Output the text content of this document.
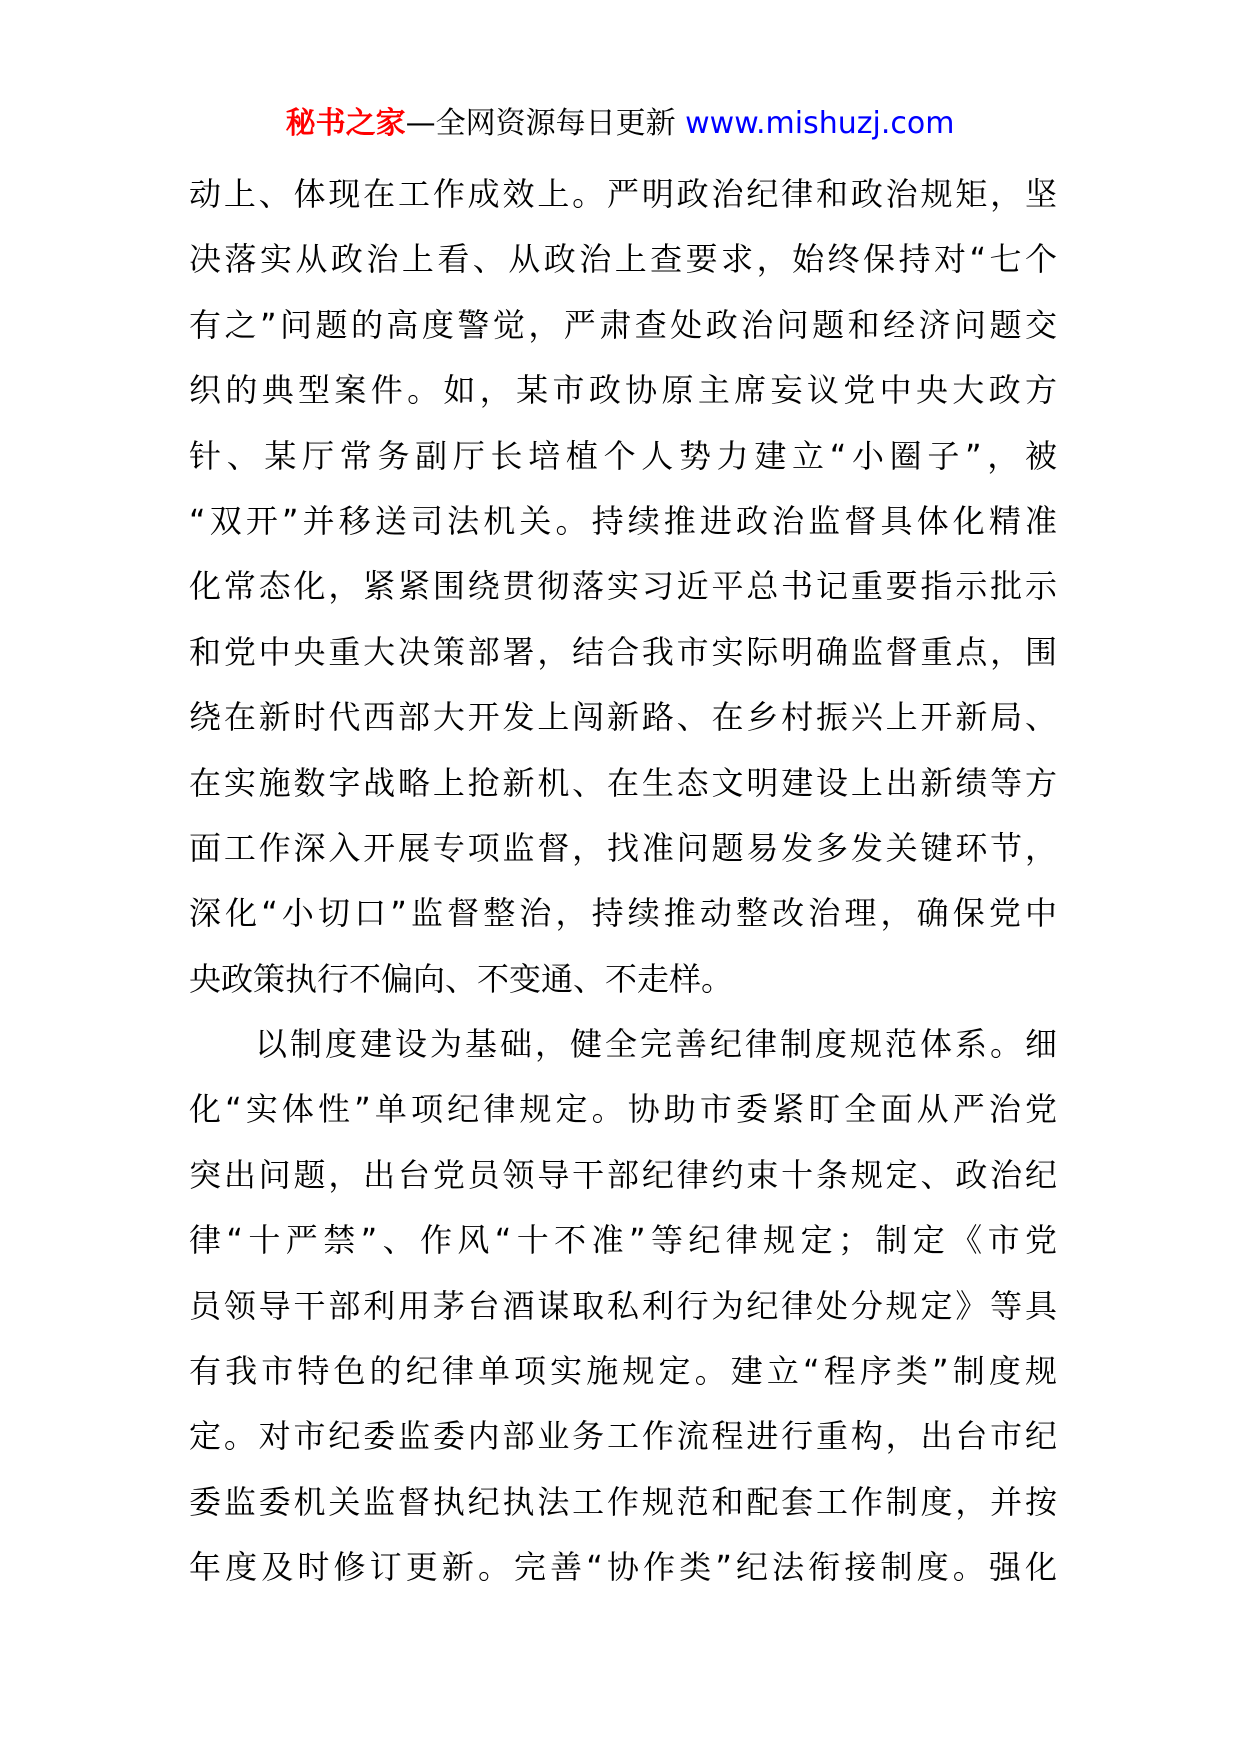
秘书之家—全网资源每日更新 www.mishuzj.com
动上、体现在工作成效上。严明政治纪律和政治规矩，坚
决落实从政治上看、从政治上查要求，始终保持对“七个
有之”问题的高度警觉，严肃查处政治问题和经济问题交
织的典型案件。如，某市政协原主席妄议党中央大政方
针、某厅常务副厅长培植个人势力建立“小圈子”，被
“双开”并移送司法机关。持续推进政治监督具体化精准
化常态化，紧紧围绕贯彻落实习近平总书记重要指示批示
和党中央重大决策部署，结合我市实际明确监督重点，围
绕在新时代西部大开发上闯新路、在乡村振兴上开新局、
在实施数字战略上抢新机、在生态文明建设上出新绩等方
面工作深入开展专项监督，找准问题易发多发关键环节，
深化“小切口”监督整治，持续推动整改治理，确保党中
央政策执行不偏向、不变通、不走样。
以制度建设为基础，健全完善纪律制度规范体系。细
化“实体性”单项纪律规定。协助市委紧盯全面从严治党
突出问题，出台党员领导干部纪律约束十条规定、政治纪
律“十严禁”、作风“十不准”等纪律规定；制定《市党
员领导干部利用茅台酒谋取私利行为纪律处分规定》等具
有我市特色的纪律单项实施规定。建立“程序类”制度规
定。对市纪委监委内部业务工作流程进行重构，出台市纪
委监委机关监督执纪执法工作规范和配套工作制度，并按
年度及时修订更新。完善“协作类”纪法衔接制度。强化
